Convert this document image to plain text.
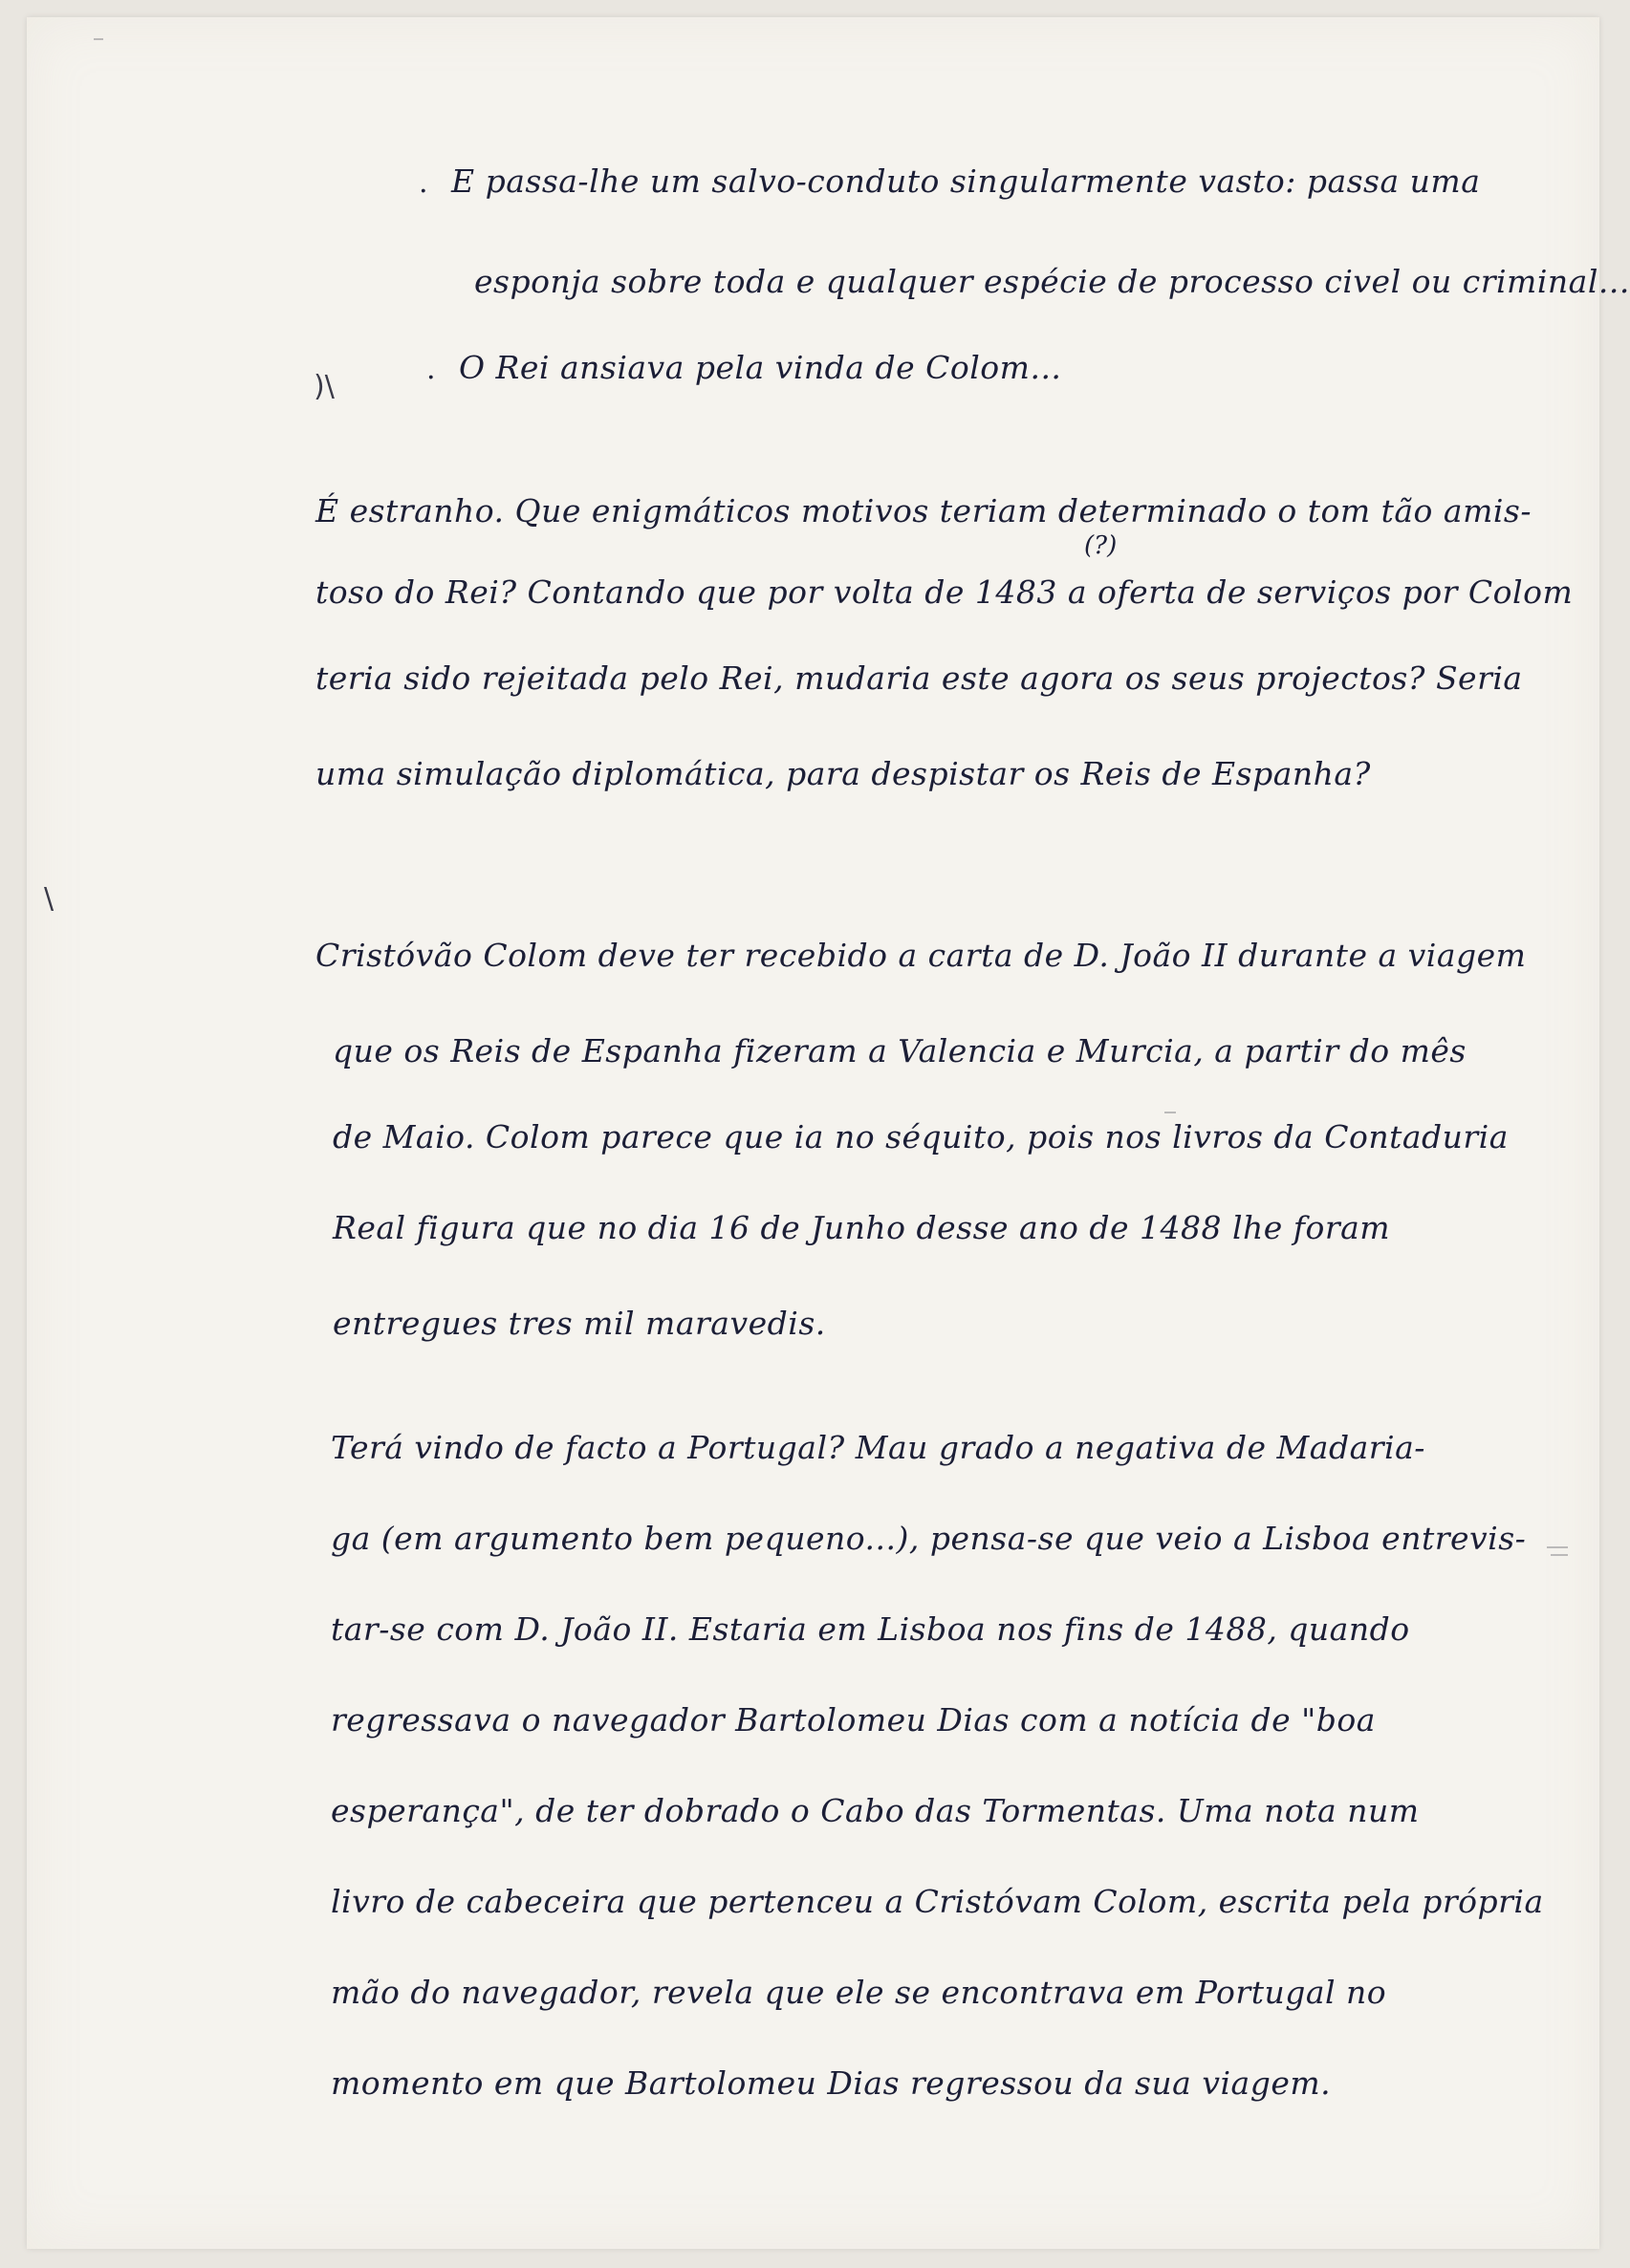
. E passa-lhe um salvo-conduto singularmente vasto: passa uma

esponja sobre toda e qualquer espécie de processo civel ou criminal...

. O Rei ansiava pela vinda de Colom...

)\

É estranho. Que enigmáticos motivos teriam determinado o tom tão amis-

(?)

toso do Rei? Contando que por volta de 1483 a oferta de serviços por Colom

teria sido rejeitada pelo Rei, mudaria este agora os seus projectos? Seria

uma simulação diplomática, para despistar os Reis de Espanha?

\

Cristóvão Colom deve ter recebido a carta de D. João II durante a viagem

que os Reis de Espanha fizeram a Valencia e Murcia, a partir do mês

de Maio. Colom parece que ia no séquito, pois nos livros da Contaduria

Real figura que no dia 16 de Junho desse ano de 1488 lhe foram

entregues tres mil maravedis.

Terá vindo de facto a Portugal? Mau grado a negativa de Madaria-

ga (em argumento bem pequeno...), pensa-se que veio a Lisboa entrevis-

tar-se com D. João II. Estaria em Lisboa nos fins de 1488, quando

regressava o navegador Bartolomeu Dias com a notícia de "boa

esperança", de ter dobrado o Cabo das Tormentas. Uma nota num

livro de cabeceira que pertenceu a Cristóvam Colom, escrita pela própria

mão do navegador, revela que ele se encontrava em Portugal no

momento em que Bartolomeu Dias regressou da sua viagem.
